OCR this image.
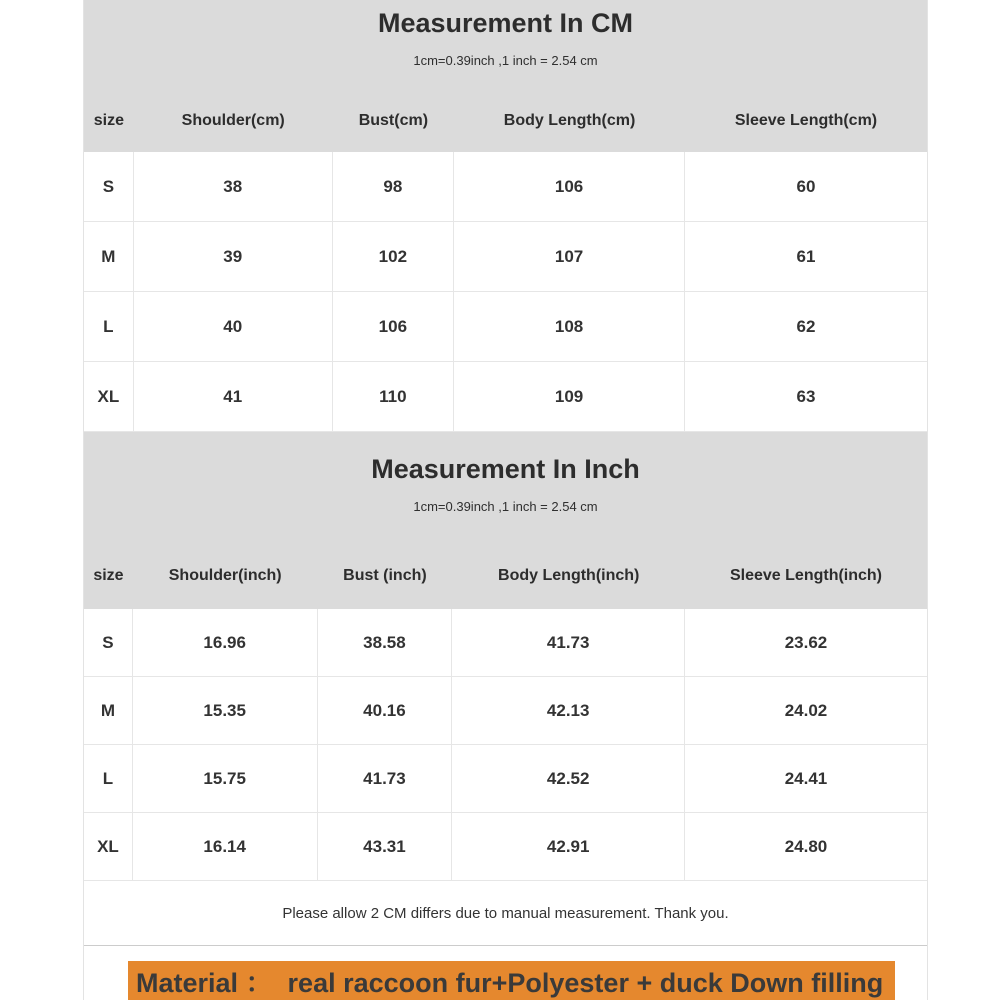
Measurement In CM
1cm=0.39inch ,1 inch = 2.54 cm
size	Shoulder(cm)	Bust(cm)	Body Length(cm)	Sleeve Length(cm)
S	38	98	106	60
M	39	102	107	61
L	40	106	108	62
XL	41	110	109	63
Measurement In Inch
1cm=0.39inch ,1 inch = 2.54 cm
size	Shoulder(inch)	Bust (inch)	Body Length(inch)	Sleeve Length(inch)
S	16.96	38.58	41.73	23.62
M	15.35	40.16	42.13	24.02
L	15.75	41.73	42.52	24.41
XL	16.14	43.31	42.91	24.80
Please allow 2 CM differs due to manual measurement. Thank you.
Material ：  real raccoon fur+Polyester + duck Down filling
